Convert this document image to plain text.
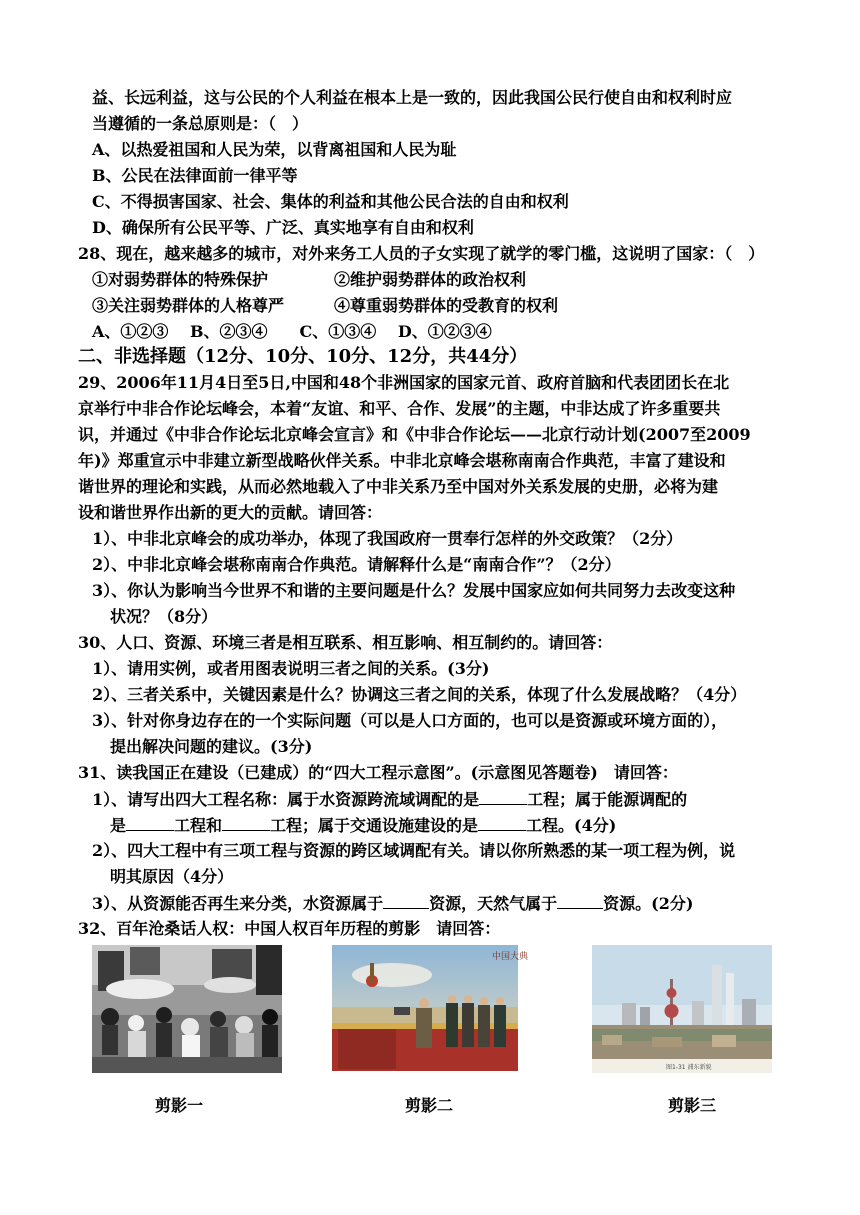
益、长远利益，这与公民的个人利益在根本上是一致的，因此我国公民行使自由和权利时应
当遵循的一条总原则是：（　）
A、以热爱祖国和人民为荣，以背离祖国和人民为耻
B、公民在法律面前一律平等
C、不得损害国家、社会、集体的利益和其他公民合法的自由和权利
D、确保所有公民平等、广泛、真实地享有自由和权利
28、现在，越来越多的城市，对外来务工人员的子女实现了就学的零门槛，这说明了国家：（　）
①对弱势群体的特殊保护	②维护弱势群体的政治权利
③关注弱势群体的人格尊严	④尊重弱势群体的受教育的权利
A、①②③　 B、②③④　　C、①③④　 D、①②③④
二、非选择题（12分、10分、10分、12分，共44分）
29、2006年11月4日至5日,中国和48个非洲国家的国家元首、政府首脑和代表团团长在北
京举行中非合作论坛峰会，本着“友谊、和平、合作、发展”的主题，中非达成了许多重要共
识，并通过《中非合作论坛北京峰会宣言》和《中非合作论坛——北京行动计划(2007至2009
年)》郑重宣示中非建立新型战略伙伴关系。中非北京峰会堪称南南合作典范，丰富了建设和
谐世界的理论和实践，从而必然地载入了中非关系乃至中国对外关系发展的史册，必将为建
设和谐世界作出新的更大的贡献。请回答：
1）、中非北京峰会的成功举办，体现了我国政府一贯奉行怎样的外交政策？（2分）
2）、中非北京峰会堪称南南合作典范。请解释什么是“南南合作”？（2分）
3）、你认为影响当今世界不和谐的主要问题是什么？发展中国家应如何共同努力去改变这种
状况？（8分）
30、人口、资源、环境三者是相互联系、相互影响、相互制约的。请回答：
1）、请用实例，或者用图表说明三者之间的关系。(3分)
2）、三者关系中，关键因素是什么？协调这三者之间的关系，体现了什么发展战略？（4分）
3）、针对你身边存在的一个实际问题（可以是人口方面的，也可以是资源或环境方面的），
提出解决问题的建议。(3分)
31、读我国正在建设（已建成）的“四大工程示意图”。(示意图见答题卷)　请回答：
1）、请写出四大工程名称：属于水资源跨流域调配的是	工程；属于能源调配的
是	工程和	工程；属于交通设施建设的是	工程。(4分)
2）、四大工程中有三项工程与资源的跨区域调配有关。请以你所熟悉的某一项工程为例，说
明其原因（4分）
3）、从资源能否再生来分类，水资源属于	资源，天然气属于	资源。(2分)
32、百年沧桑话人权：中国人权百年历程的剪影　请回答：
中国大典
图1-31 浦东新貌
剪影一	剪影二	剪影三
